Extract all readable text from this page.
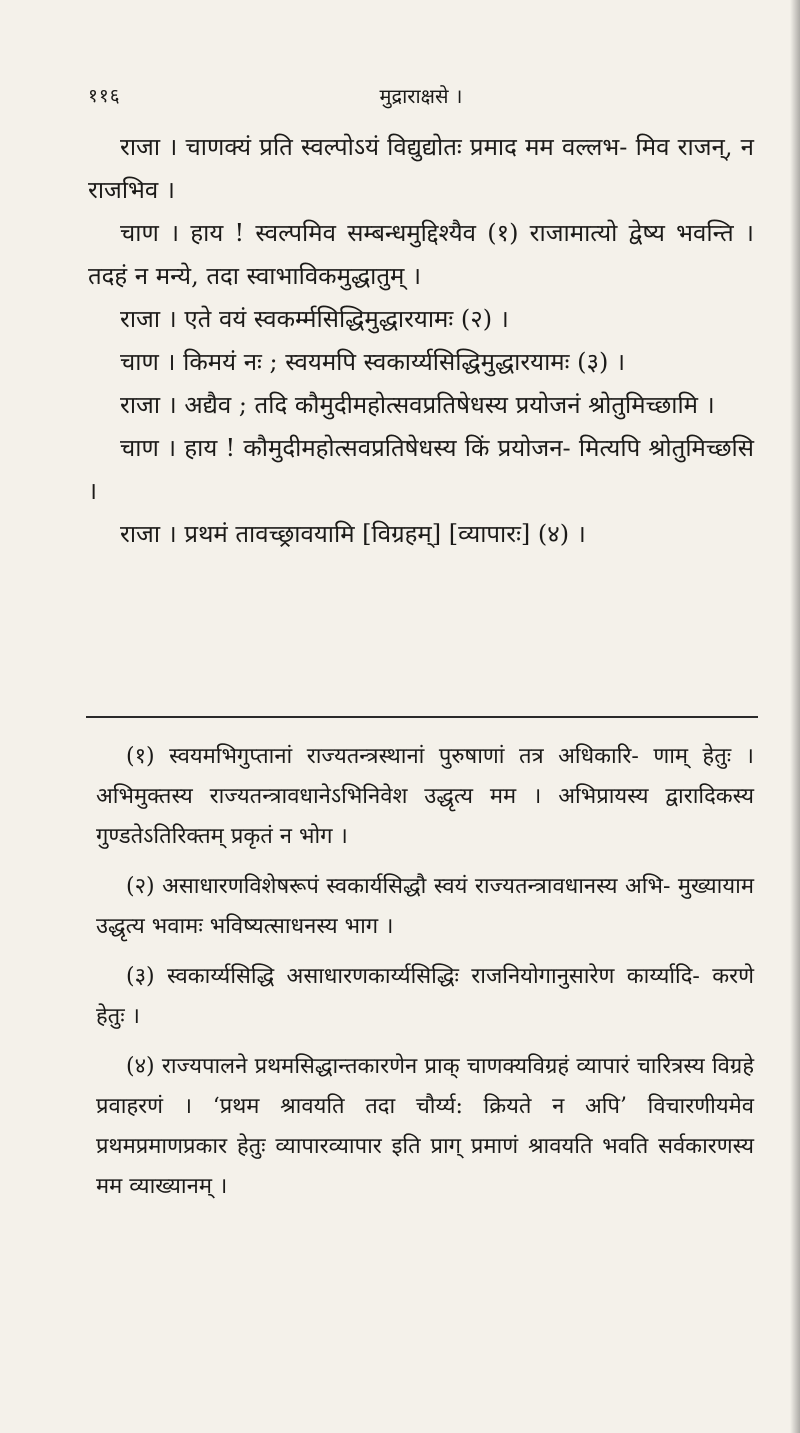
११६	मुद्राराक्षसे ।

राजा । चाणक्यं प्रति स्वल्पोऽयं विद्युद्योतः प्रमाद मम वल्लभ- मिव राजन्, न राजभिव ।

चाण । हाय ! स्वल्पमिव सम्बन्धमुद्दिश्यैव (१) राजामात्यो द्वेष्य भवन्ति । तदहं न मन्ये, तदा स्वाभाविकमुद्धातुम् ।

राजा । एते वयं स्वकर्म्मसिद्धिमुद्धारयामः (२) ।

चाण । किमयं नः ; स्वयमपि स्वकार्य्यसिद्धिमुद्धारयामः (३) ।

राजा । अद्यैव ; तदि कौमुदीमहोत्सवप्रतिषेधस्य प्रयोजनं श्रोतुमिच्छामि ।

चाण । हाय ! कौमुदीमहोत्सवप्रतिषेधस्य किं प्रयोजन- मित्यपि श्रोतुमिच्छसि ।

राजा । प्रथमं तावच्छ्रावयामि [विग्रहम्] [व्यापारः] (४) ।

(१) स्वयमभिगुप्तानां राज्यतन्त्रस्थानां पुरुषाणां तत्र अधिकारि- णाम् हेतुः । अभिमुक्तस्य राज्यतन्त्रावधानेऽभिनिवेश उद्धृत्य मम । अभिप्रायस्य द्वारादिकस्य गुण्डतेऽतिरिक्तम् प्रकृतं न भोग ।

(२) असाधारणविशेषरूपं स्वकार्यसिद्धौ स्वयं राज्यतन्त्रावधानस्य अभि- मुख्यायाम उद्धृत्य भवामः भविष्यत्साधनस्य भाग ।

(३) स्वकार्य्यसिद्धि असाधारणकार्य्यसिद्धिः राजनियोगानुसारेण कार्य्यादि- करणे हेतुः ।

(४) राज्यपालने प्रथमसिद्धान्तकारणेन प्राक् चाणक्यविग्रहं व्यापारं चारित्रस्य विग्रहे प्रवाहरणं । ‘प्रथम श्रावयति तदा चौर्य्य: क्रियते न अपि’ विचारणीयमेव प्रथमप्रमाणप्रकार हेतुः व्यापारव्यापार इति प्राग् प्रमाणं श्रावयति भवति सर्वकारणस्य मम व्याख्यानम् ।
